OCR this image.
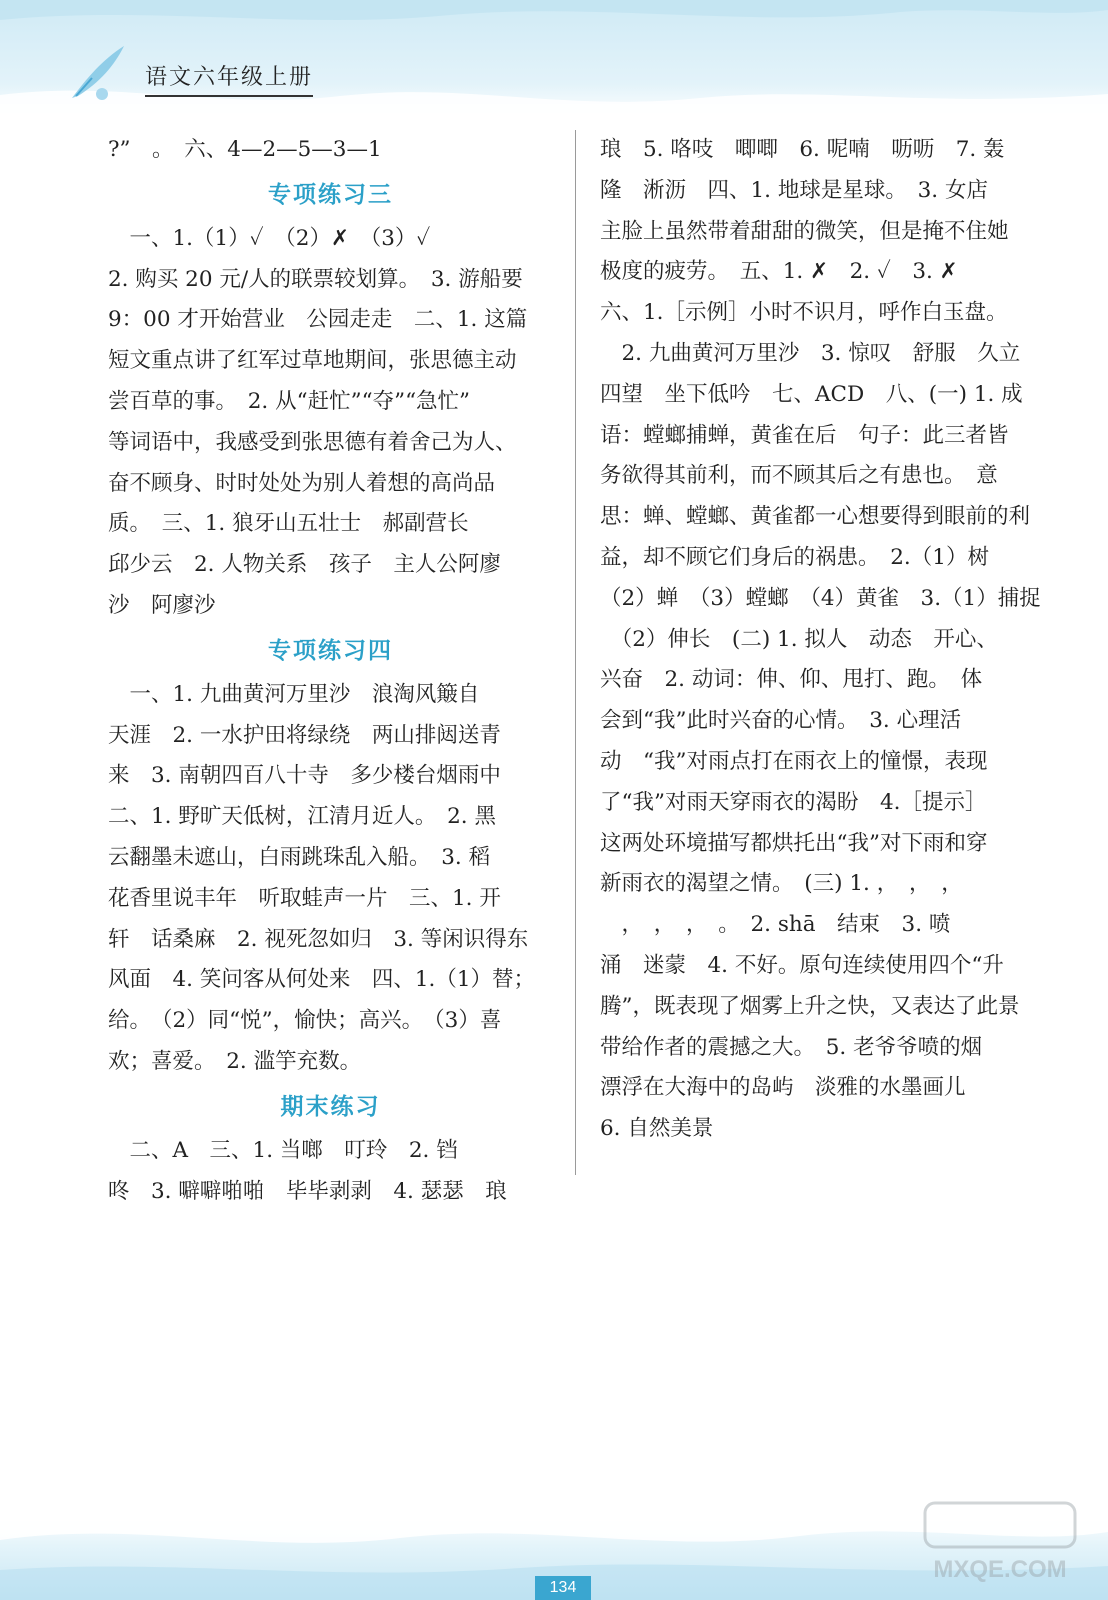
语文六年级上册

?”　。　六、4—2—5—3—1

专项练习三

　一、1.（1）✓　（2）✗　（3）✓

2. 购买 20 元/人的联票较划算。　3. 游船要

9：00 才开始营业　公园走走　二、1. 这篇

短文重点讲了红军过草地期间，张思德主动

尝百草的事。　2. 从“赶忙”“夺”“急忙”

等词语中，我感受到张思德有着舍己为人、

奋不顾身、时时处处为别人着想的高尚品

质。　三、1. 狼牙山五壮士　郝副营长

邱少云　2. 人物关系　孩子　主人公阿廖

沙　阿廖沙

专项练习四

　一、1. 九曲黄河万里沙　浪淘风簸自

天涯　2. 一水护田将绿绕　两山排闼送青

来　3. 南朝四百八十寺　多少楼台烟雨中

二、1. 野旷天低树，江清月近人。　2. 黑

云翻墨未遮山，白雨跳珠乱入船。　3. 稻

花香里说丰年　听取蛙声一片　三、1. 开

轩　话桑麻　2. 视死忽如归　3. 等闲识得东

风面　4. 笑问客从何处来　四、1.（1）替；

给。　（2）同“悦”，愉快；高兴。　（3）喜

欢；喜爱。　2. 滥竽充数。

期末练习

　二、A　三、1. 当啷　叮玲　2. 铛

咚　3. 噼噼啪啪　毕毕剥剥　4. 瑟瑟　琅

琅　5. 咯吱　唧唧　6. 呢喃　呖呖　7. 轰

隆　淅沥　四、1. 地球是星球。　3. 女店

主脸上虽然带着甜甜的微笑，但是掩不住她

极度的疲劳。　五、1. ✗　2. ✓　3. ✗

六、1.［示例］小时不识月，呼作白玉盘。

　2. 九曲黄河万里沙　3. 惊叹　舒服　久立

四望　坐下低吟　七、ACD　八、(一) 1. 成

语：螳螂捕蝉，黄雀在后　句子：此三者皆

务欲得其前利，而不顾其后之有患也。　意

思：蝉、螳螂、黄雀都一心想要得到眼前的利

益，却不顾它们身后的祸患。　2.（1）树

（2）蝉　（3）螳螂　（4）黄雀　3.（1）捕捉

　（2）伸长　(二) 1. 拟人　动态　开心、

兴奋　2. 动词：伸、仰、甩打、跑。　体

会到“我”此时兴奋的心情。　3. 心理活

动　“我”对雨点打在雨衣上的憧憬，表现

了“我”对雨天穿雨衣的渴盼　4.［提示］

这两处环境描写都烘托出“我”对下雨和穿

新雨衣的渴望之情。　(三) 1. ，　，　，

　，　，　，　。　2. shā　结束　3. 喷

涌　迷蒙　4. 不好。原句连续使用四个“升

腾”，既表现了烟雾上升之快，又表达了此景

带给作者的震撼之大。　5. 老爷爷喷的烟

漂浮在大海中的岛屿　淡雅的水墨画儿

6. 自然美景

MXQE.COM
134
